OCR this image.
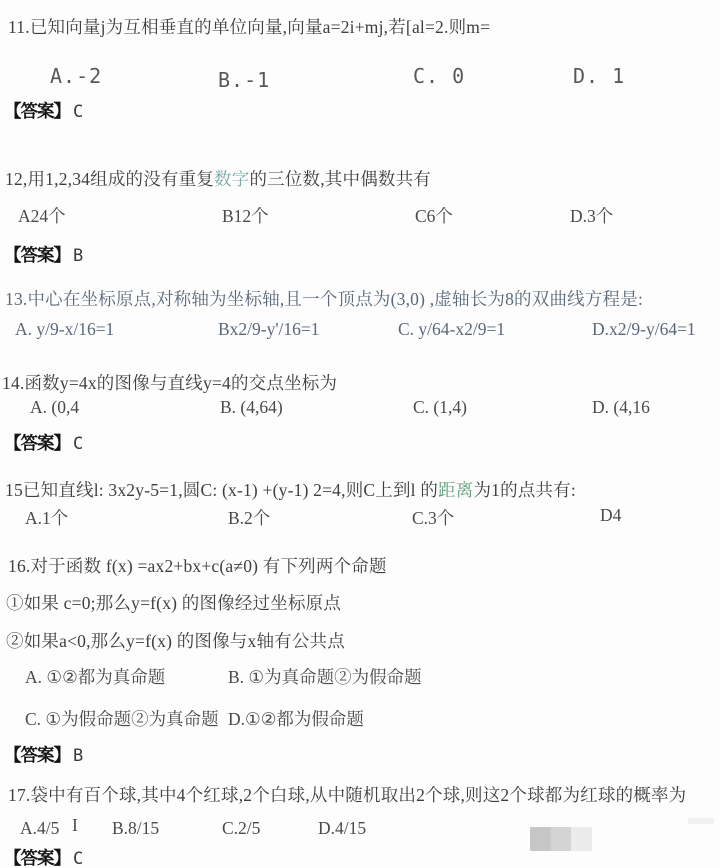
11.已知向量j为互相垂直的单位向量,向量a=2i+mj,若[al=2.则m=
A.-2	B.-1	C. 0	D. 1
【答案】 C
12,用1,2,34组成的没有重复数字的三位数,其中偶数共有
A24个	B12个	C6个	D.3个
【答案】 B
13.中心在坐标原点,对称轴为坐标轴,且一个顶点为(3,0) ,虚轴长为8的双曲线方程是:
A. y/9-x/16=1	Bx2/9-y'/16=1	C. y/64-x2/9=1	D.x2/9-y/64=1
14.函数y=4x的图像与直线y=4的交点坐标为
A. (0,4	B. (4,64)	C. (1,4)	D. (4,16
【答案】 C
15已知直线l: 3x2y-5=1,圆C: (x-1) +(y-1) 2=4,则C上到l 的距离为1的点共有:
A.1个	B.2个	C.3个	D4
16.对于函数 f(x) =ax2+bx+c(a≠0) 有下列两个命题
①如果 c=0;那么y=f(x) 的图像经过坐标原点
②如果a<0,那么y=f(x) 的图像与x轴有公共点
A. ①②都为真命题	B. ①为真命题②为假命题
C. ①为假命题②为真命题 D.①②都为假命题
【答案】 B
17.袋中有百个球,其中4个红球,2个白球,从中随机取出2个球,则这2个球都为红球的概率为
A.4/5 I B.8/15	C.2/5	D.4/15
【答案】 C
